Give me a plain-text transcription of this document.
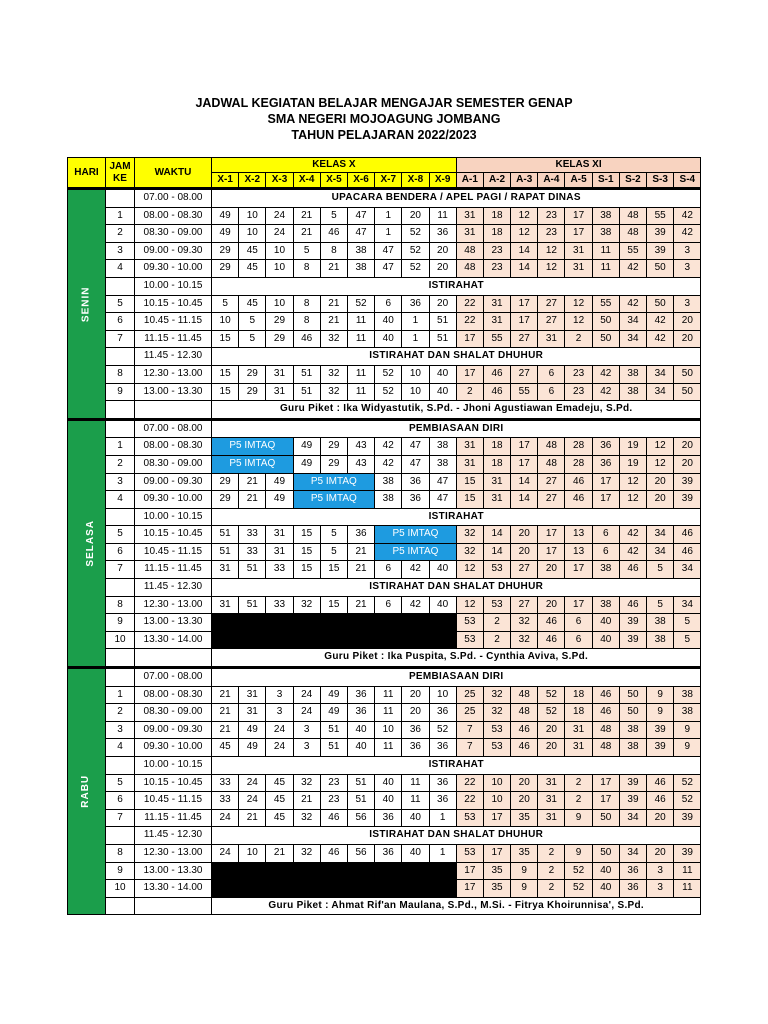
JADWAL KEGIATAN BELAJAR MENGAJAR SEMESTER GENAP
SMA NEGERI MOJOAGUNG JOMBANG
TAHUN PELAJARAN 2022/2023
HARI	JAM
KE	WAKTU	KELAS X									KELAS XI								
			X-1	X-2	X-3	X-4	X-5	X-6	X-7	X-8	X-9	A-1	A-2	A-3	A-4	A-5	S-1	S-2	S-3	S-4
SENIN		07.00 - 08.00	UPACARA BENDERA / APEL PAGI / RAPAT DINAS																	
	1	08.00 - 08.30	49	10	24	21	5	47	1	20	11	31	18	12	23	17	38	48	55	42
	2	08.30 - 09.00	49	10	24	21	46	47	1	52	36	31	18	12	23	17	38	48	39	42
	3	09.00 - 09.30	29	45	10	5	8	38	47	52	20	48	23	14	12	31	11	55	39	3
	4	09.30 - 10.00	29	45	10	8	21	38	47	52	20	48	23	14	12	31	11	42	50	3
		10.00 - 10.15	ISTIRAHAT																	
	5	10.15 - 10.45	5	45	10	8	21	52	6	36	20	22	31	17	27	12	55	42	50	3
	6	10.45 - 11.15	10	5	29	8	21	11	40	1	51	22	31	17	27	12	50	34	42	20
	7	11.15 - 11.45	15	5	29	46	32	11	40	1	51	17	55	27	31	2	50	34	42	20
		11.45 - 12.30	ISTIRAHAT DAN SHALAT DHUHUR																	
	8	12.30 - 13.00	15	29	31	51	32	11	52	10	40	17	46	27	6	23	42	38	34	50
	9	13.00 - 13.30	15	29	31	51	32	11	52	10	40	2	46	55	6	23	42	38	34	50
			Guru Piket : Ika Widyastutik, S.Pd. - Jhoni Agustiawan Emadeju, S.Pd.																	
SELASA		07.00 - 08.00	PEMBIASAAN DIRI																	
	1	08.00 - 08.30	P5 IMTAQ			49	29	43	42	47	38	31	18	17	48	28	36	19	12	20
	2	08.30 - 09.00	P5 IMTAQ			49	29	43	42	47	38	31	18	17	48	28	36	19	12	20
	3	09.00 - 09.30	29	21	49	P5 IMTAQ			38	36	47	15	31	14	27	46	17	12	20	39
	4	09.30 - 10.00	29	21	49	P5 IMTAQ			38	36	47	15	31	14	27	46	17	12	20	39
		10.00 - 10.15	ISTIRAHAT																	
	5	10.15 - 10.45	51	33	31	15	5	36	P5 IMTAQ			32	14	20	17	13	6	42	34	46
	6	10.45 - 11.15	51	33	31	15	5	21	P5 IMTAQ			32	14	20	17	13	6	42	34	46
	7	11.15 - 11.45	31	51	33	15	15	21	6	42	40	12	53	27	20	17	38	46	5	34
		11.45 - 12.30	ISTIRAHAT DAN SHALAT DHUHUR																	
	8	12.30 - 13.00	31	51	33	32	15	21	6	42	40	12	53	27	20	17	38	46	5	34
	9	13.00 - 13.30										53	2	32	46	6	40	39	38	5
	10	13.30 - 14.00										53	2	32	46	6	40	39	38	5
			Guru Piket : Ika Puspita, S.Pd. - Cynthia Aviva, S.Pd.																	
RABU		07.00 - 08.00	PEMBIASAAN DIRI																	
	1	08.00 - 08.30	21	31	3	24	49	36	11	20	10	25	32	48	52	18	46	50	9	38
	2	08.30 - 09.00	21	31	3	24	49	36	11	20	36	25	32	48	52	18	46	50	9	38
	3	09.00 - 09.30	21	49	24	3	51	40	10	36	52	7	53	46	20	31	48	38	39	9
	4	09.30 - 10.00	45	49	24	3	51	40	11	36	36	7	53	46	20	31	48	38	39	9
		10.00 - 10.15	ISTIRAHAT																	
	5	10.15 - 10.45	33	24	45	32	23	51	40	11	36	22	10	20	31	2	17	39	46	52
	6	10.45 - 11.15	33	24	45	21	23	51	40	11	36	22	10	20	31	2	17	39	46	52
	7	11.15 - 11.45	24	21	45	32	46	56	36	40	1	53	17	35	31	9	50	34	20	39
		11.45 - 12.30	ISTIRAHAT DAN SHALAT DHUHUR																	
	8	12.30 - 13.00	24	10	21	32	46	56	36	40	1	53	17	35	2	9	50	34	20	39
	9	13.00 - 13.30										17	35	9	2	52	40	36	3	11
	10	13.30 - 14.00										17	35	9	2	52	40	36	3	11
			Guru Piket : Ahmat Rif'an Maulana, S.Pd., M.Si. - Fitrya Khoirunnisa', S.Pd.																	
